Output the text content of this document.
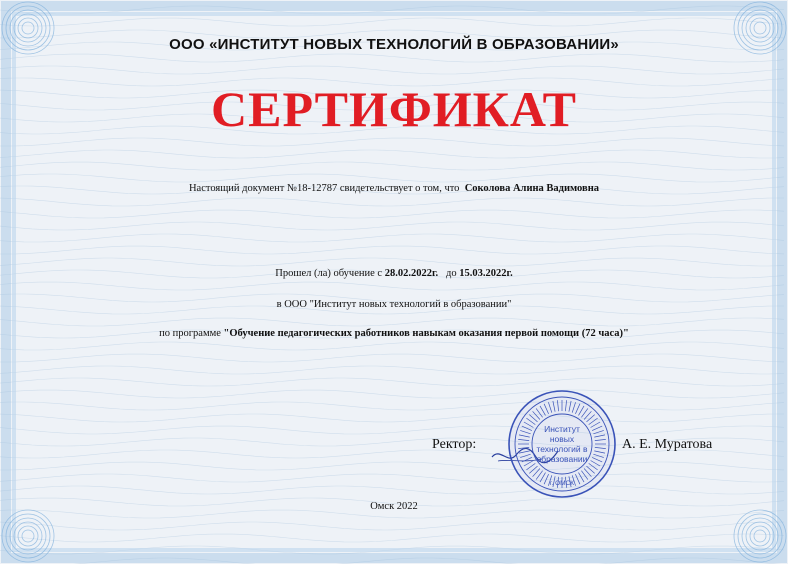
ООО «ИНСТИТУТ НОВЫХ ТЕХНОЛОГИЙ В ОБРАЗОВАНИИ»
СЕРТИФИКАТ
Настоящий документ №18-12787 свидетельствует о том, что Соколова Алина Вадимовна
Прошел (ла) обучение с 28.02.2022г. до 15.03.2022г.
в ООО "Институт новых технологий в образовании"
по программе "Обучение педагогических работников навыкам оказания первой помощи (72 часа)"
Ректор:	А. Е. Муратова
Институт
новых
технологий в
образовании
г. ОМСК
Омск 2022
